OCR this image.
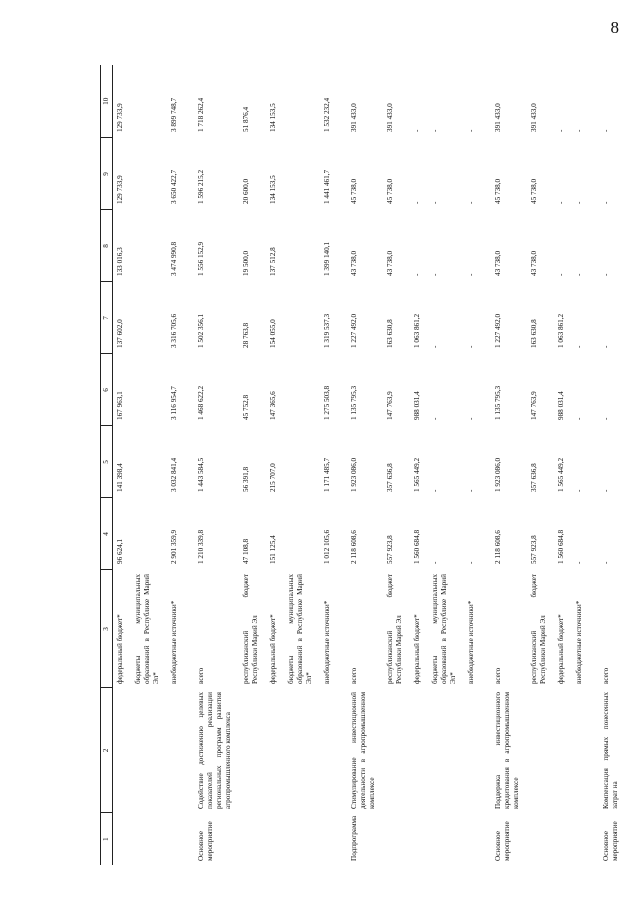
8
1	2	3	4	5	6	7	8	9	10
		федеральный бюджет*	96 624,1	141 398,4	167 963,1	137 602,0	133 016,3	129 733,9	129 733,9
		бюджеты муниципальных образований в Республике Марий Эл*							
		внебюджетные источники*	2 901 359,9	3 032 841,4	3 116 954,7	3 316 705,6	3 474 990,8	3 650 422,7	3 899 748,7
Основное мероприятие	Содействие достижению целевых показателей реализации региональных программ развития агропромышленного комплекса	всего	1 210 339,8	1 443 584,5	1 468 622,2	1 502 356,1	1 556 152,9	1 596 215,2	1 718 262,4
		республиканский бюджет Республики Марий Эл	47 108,8	56 391,8	45 752,8	28 763,8	19 500,0	20 600,0	51 876,4
		федеральный бюджет*	151 125,4	215 707,0	147 365,6	154 055,0	137 512,8	134 153,5	134 153,5
		бюджеты муниципальных образований в Республике Марий Эл*							
		внебюджетные источники*	1 012 105,6	1 171 485,7	1 275 503,8	1 319 537,3	1 399 140,1	1 441 461,7	1 532 232,4
Подпрограмма	Стимулирование инвестиционной деятельности в агропромышленном комплексе	всего	2 118 608,6	1 923 086,0	1 135 795,3	1 227 492,0	43 738,0	45 738,0	391 433,0
		республиканский бюджет Республики Марий Эл	557 923,8	357 636,8	147 763,9	163 630,8	43 738,0	45 738,0	391 433,0
		федеральный бюджет*	1 560 684,8	1 565 449,2	988 031,4	1 063 861,2	-	-	-
		бюджеты муниципальных образований в Республике Марий Эл*	-	-	-	-	-	-	-
		внебюджетные источники*	-	-	-	-	-	-	-
Основное мероприятие	Поддержка инвестиционного кредитования в агропромышленном комплексе	всего	2 118 608,6	1 923 086,0	1 135 795,3	1 227 492,0	43 738,0	45 738,0	391 433,0
		республиканский бюджет Республики Марий Эл	557 923,8	357 636,8	147 763,9	163 630,8	43 738,0	45 738,0	391 433,0
		федеральный бюджет*	1 560 684,8	1 565 449,2	988 031,4	1 063 861,2	-	-	-
		внебюджетные источники*	-	-	-	-	-	-	-
Основное мероприятие	Компенсация прямых понесенных затрат на	всего	-	-	-	-	-	-	-
